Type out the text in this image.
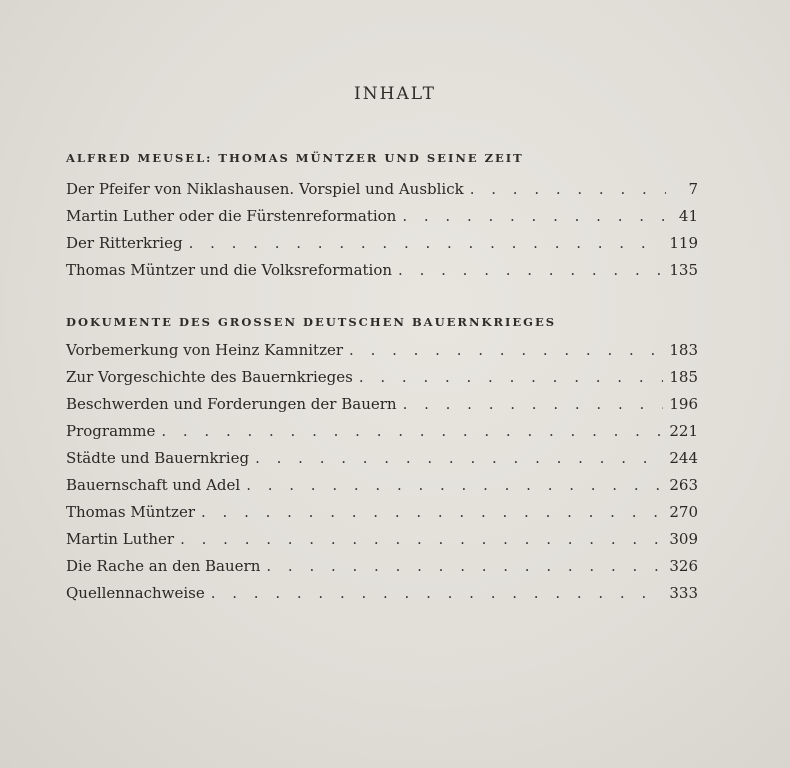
INHALT
ALFRED MEUSEL: THOMAS MÜNTZER UND SEINE ZEIT
Der Pfeifer von Niklashausen. Vorspiel und Ausblick . . .	7
Martin Luther oder die Fürstenreformation . . .	41
Der Ritterkrieg . . .	119
Thomas Müntzer und die Volksreformation . . .	135
DOKUMENTE DES GROSSEN DEUTSCHEN BAUERNKRIEGES
Vorbemerkung von Heinz Kamnitzer . . .	183
Zur Vorgeschichte des Bauernkrieges . . .	185
Beschwerden und Forderungen der Bauern . . .	196
Programme . . .	221
Städte und Bauernkrieg . . .	244
Bauernschaft und Adel . . .	263
Thomas Müntzer . . .	270
Martin Luther . . .	309
Die Rache an den Bauern . . .	326
Quellennachweise . . .	333
